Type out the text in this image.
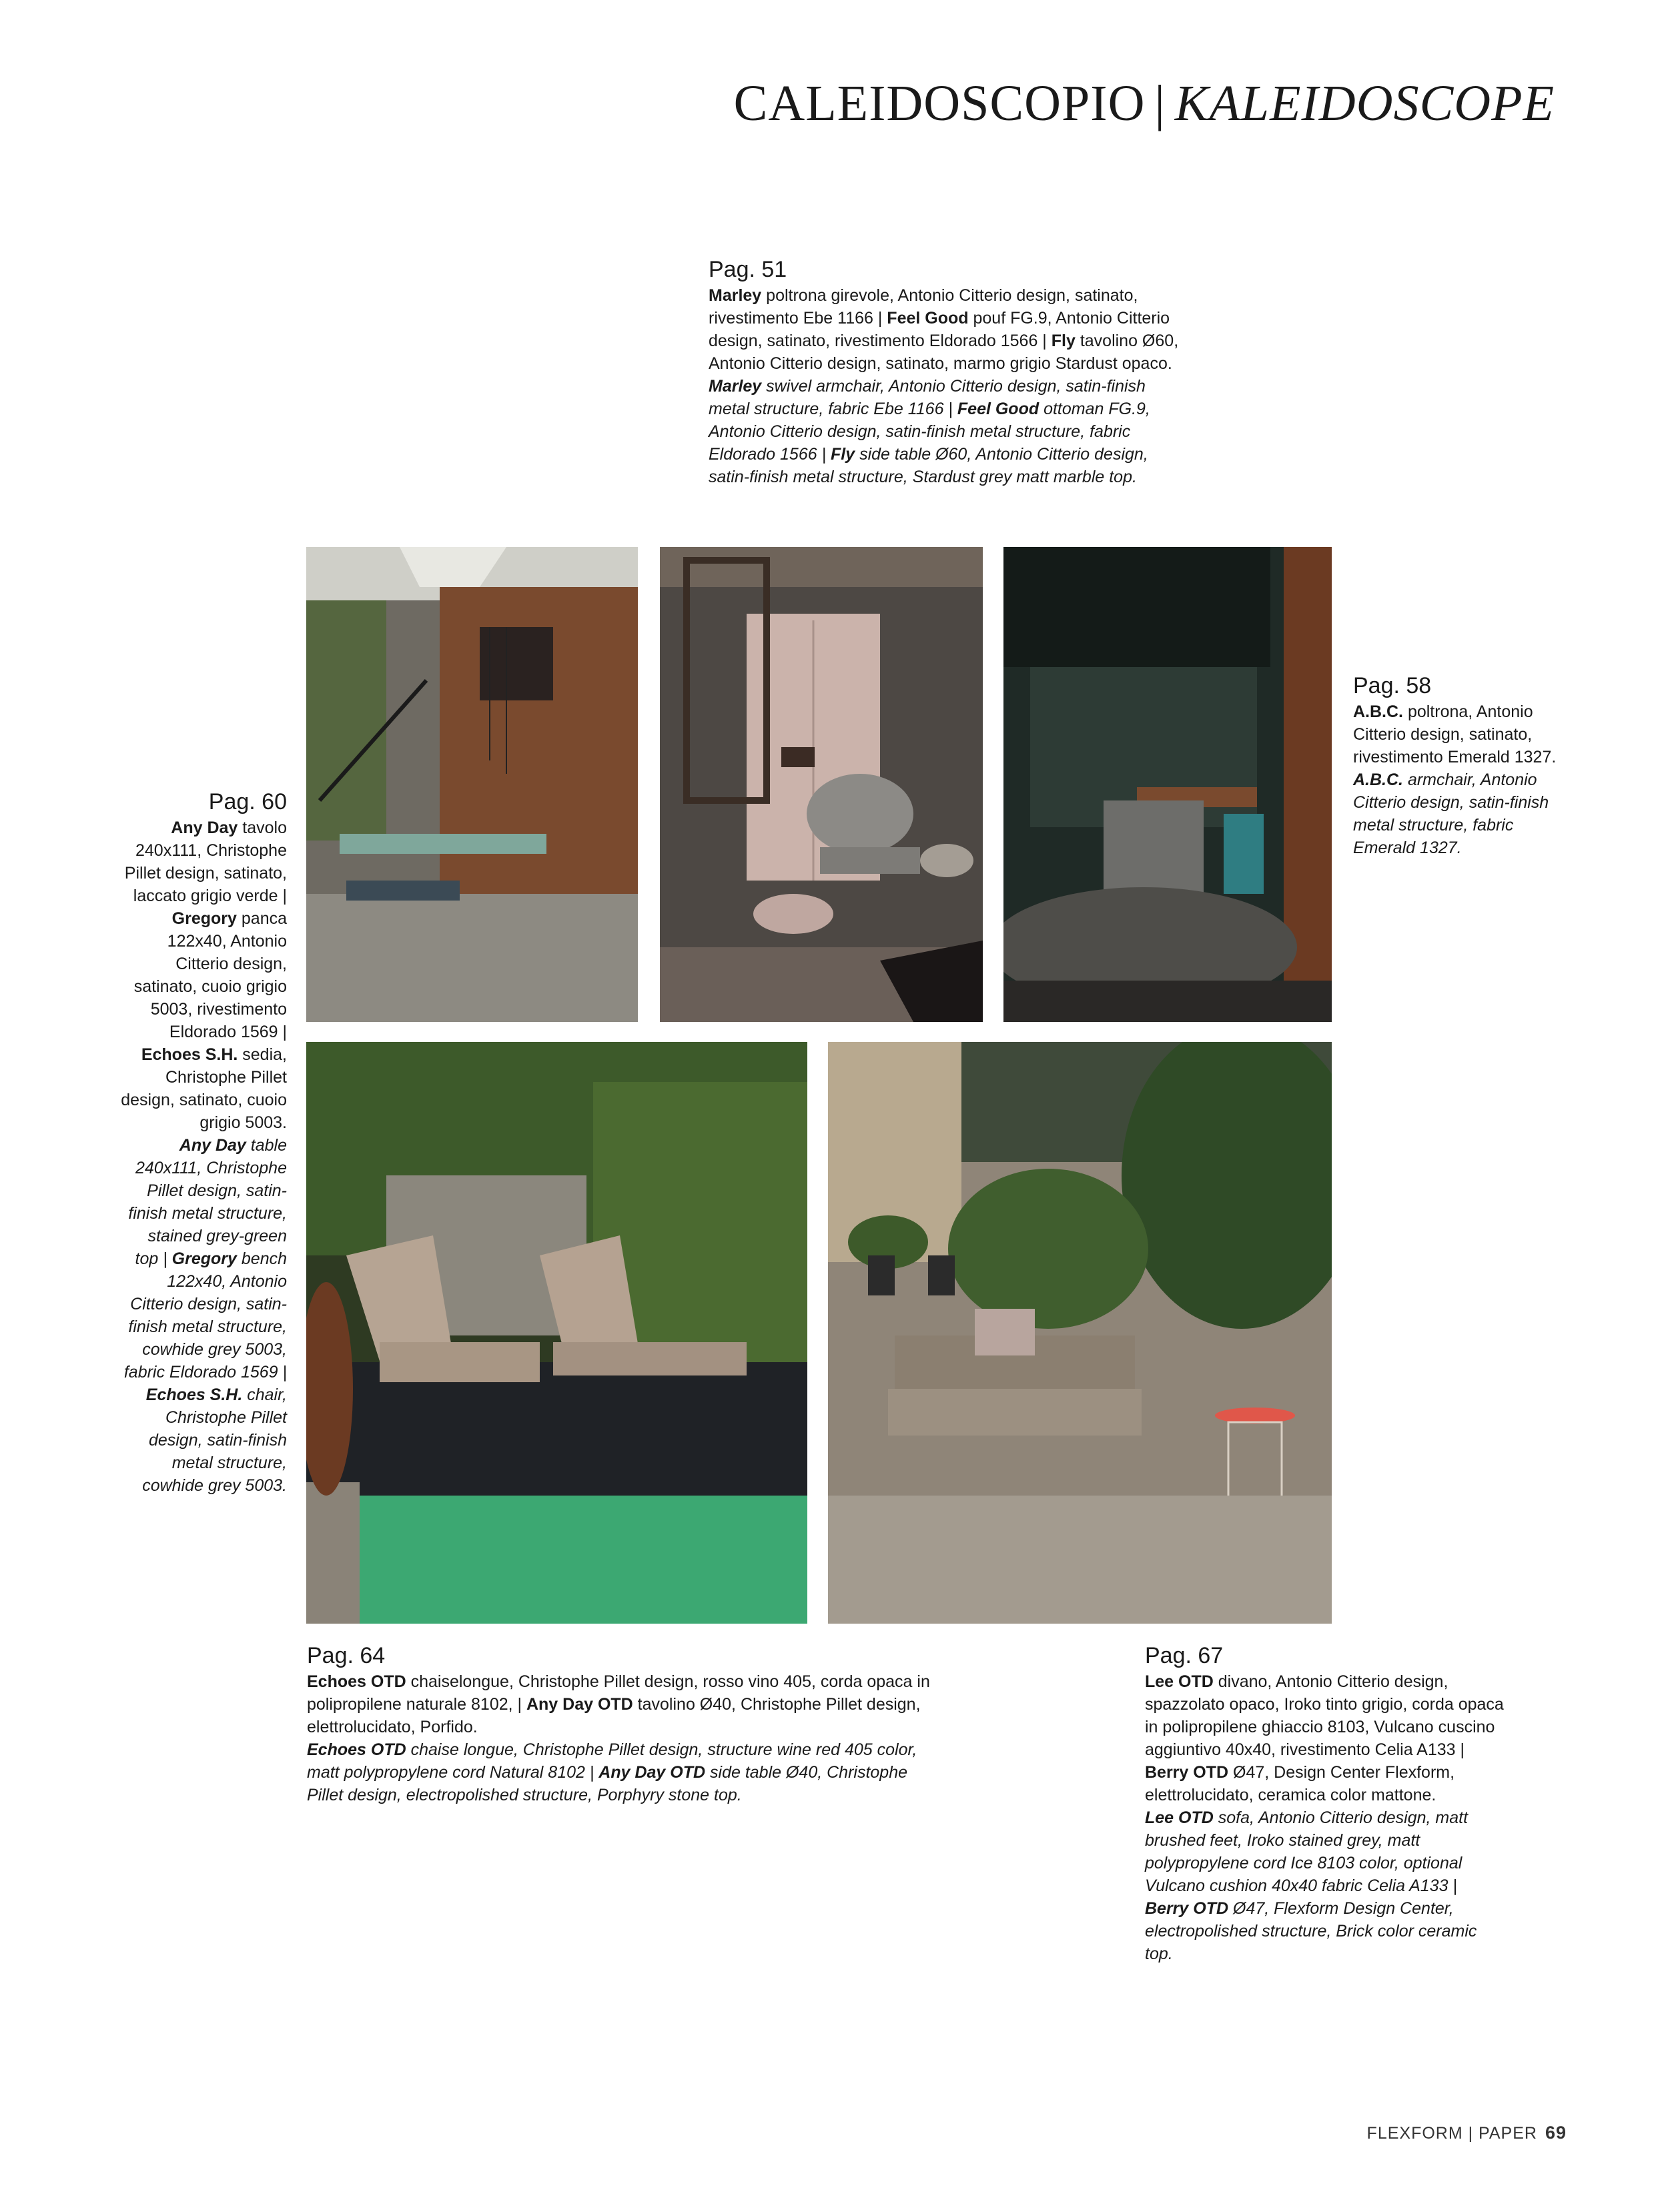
CALEIDOSCOPIO | KALEIDOSCOPE
Pag. 51

Marley poltrona girevole, Antonio Citterio design, satinato, rivestimento Ebe 1166 | Feel Good pouf FG.9, Antonio Citterio design, satinato, rivestimento Eldorado 1566 | Fly tavolino Ø60, Antonio Citterio design, satinato, marmo grigio Stardust opaco.

Marley swivel armchair, Antonio Citterio design, satin-finish metal structure, fabric Ebe 1166 | Feel Good ottoman FG.9, Antonio Citterio design, satin-finish metal structure, fabric Eldorado 1566 | Fly side table Ø60, Antonio Citterio design, satin-finish metal structure, Stardust grey matt marble top.

Pag. 58

A.B.C. poltrona, Antonio Citterio design, satinato, rivestimento Emerald 1327.

A.B.C. armchair, Antonio Citterio design, satin-finish metal structure, fabric Emerald 1327.

Pag. 60

Any Day tavolo 240x111, Christophe Pillet design, satinato, laccato grigio verde | Gregory panca 122x40, Antonio Citterio design, satinato, cuoio grigio 5003, rivestimento Eldorado 1569 | Echoes S.H. sedia, Christophe Pillet design, satinato, cuoio grigio 5003.

Any Day table 240x111, Christophe Pillet design, satin-finish metal structure, stained grey-green top | Gregory bench 122x40, Antonio Citterio design, satin-finish metal structure, cowhide grey 5003, fabric Eldorado 1569 | Echoes S.H. chair, Christophe Pillet design, satin-finish metal structure, cowhide grey 5003.

Pag. 64

Echoes OTD chaiselongue, Christophe Pillet design, rosso vino 405, corda opaca in polipropilene naturale 8102, | Any Day OTD tavolino Ø40, Christophe Pillet design, elettrolucidato, Porfido.

Echoes OTD chaise longue, Christophe Pillet design, structure wine red 405 color, matt polypropylene cord Natural 8102 | Any Day OTD side table Ø40, Christophe Pillet design, electropolished structure, Porphyry stone top.

Pag. 67

Lee OTD divano, Antonio Citterio design, spazzolato opaco, Iroko tinto grigio, corda opaca in polipropilene ghiaccio 8103, Vulcano cuscino aggiuntivo 40x40, rivestimento Celia A133 | Berry OTD Ø47, Design Center Flexform, elettrolucidato, ceramica color mattone.

Lee OTD sofa, Antonio Citterio design, matt brushed feet, Iroko stained grey, matt polypropylene cord Ice 8103 color, optional Vulcano cushion 40x40 fabric Celia A133 | Berry OTD Ø47, Flexform Design Center, electropolished structure, Brick color ceramic top.

FLEXFORM | PAPER 69
